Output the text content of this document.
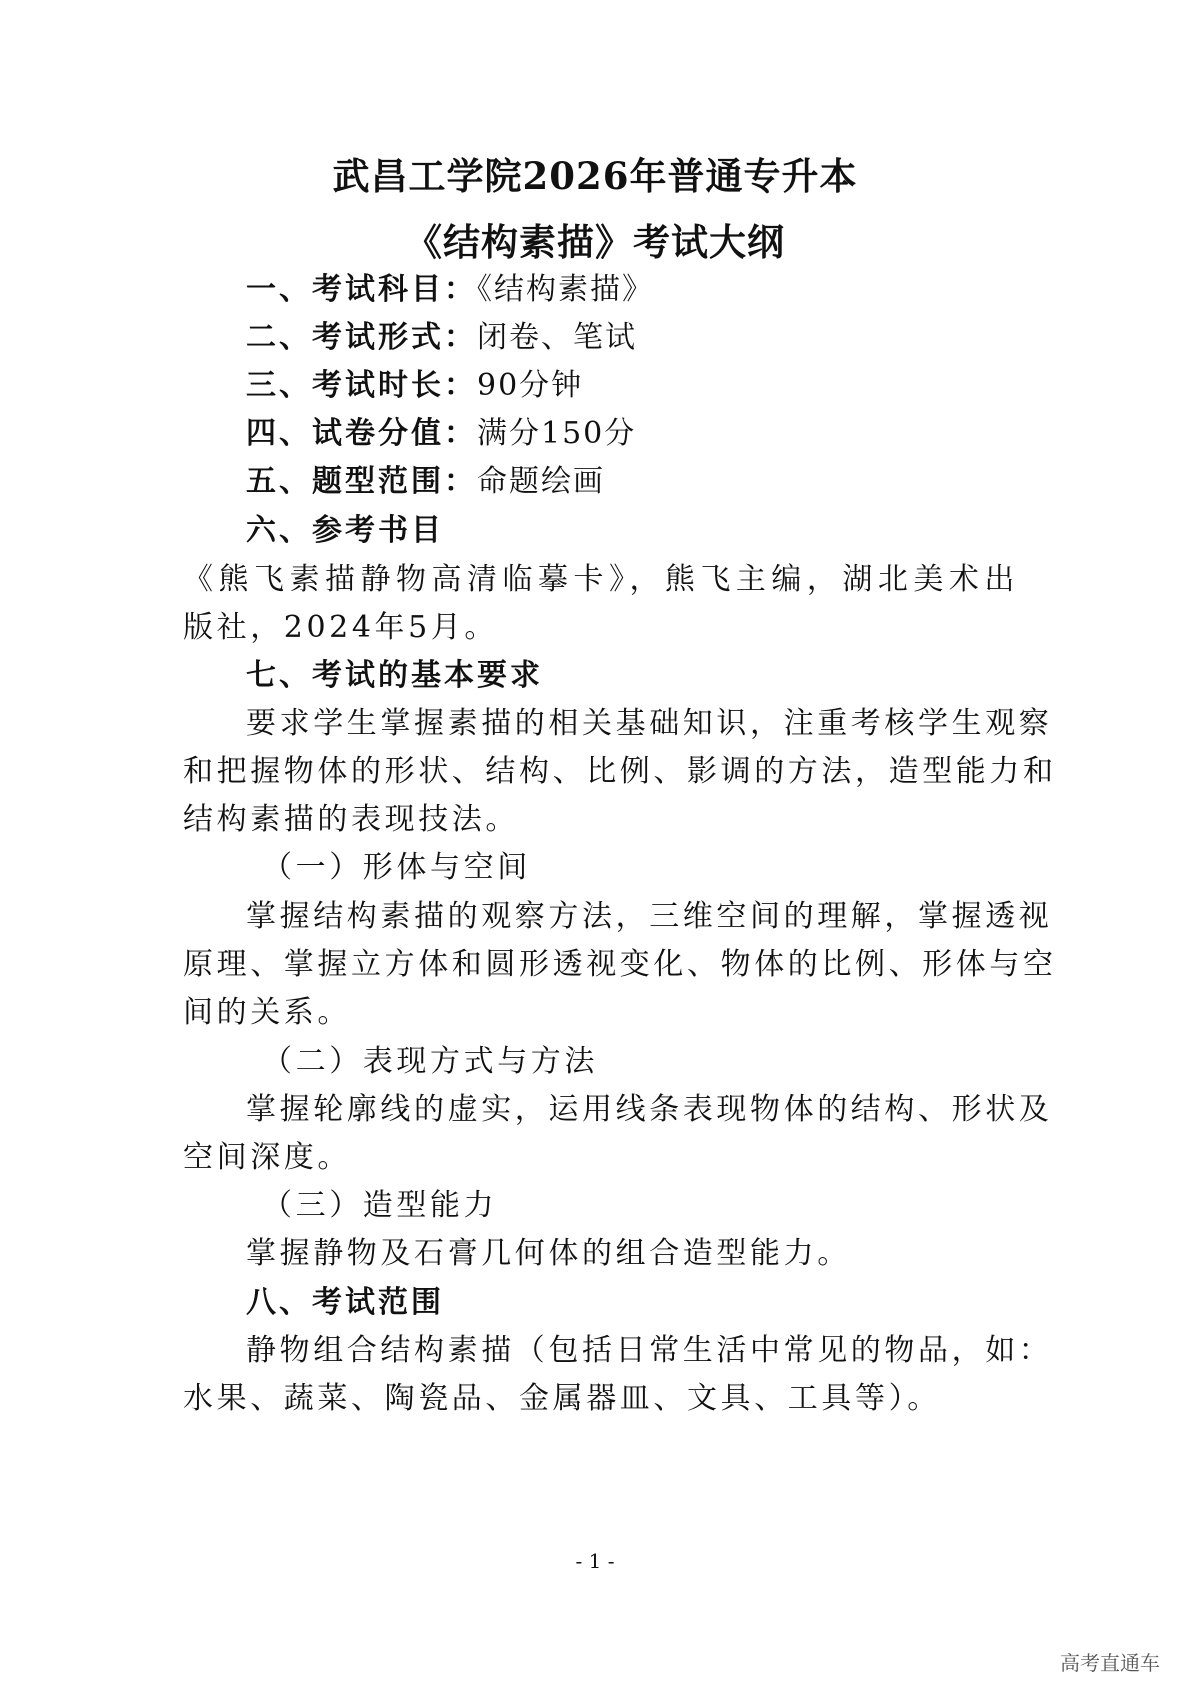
武昌工学院2026年普通专升本
《结构素描》考试大纲
一、考试科目：《结构素描》
二、考试形式：闭卷、笔试
三、考试时长：90分钟
四、试卷分值：满分150分
五、题型范围：命题绘画
六、参考书目
《熊飞素描静物高清临摹卡》，熊飞主编，湖北美术出
版社，2024年5月。
七、考试的基本要求
要求学生掌握素描的相关基础知识，注重考核学生观察
和把握物体的形状、结构、比例、影调的方法，造型能力和
结构素描的表现技法。
（一）形体与空间
掌握结构素描的观察方法，三维空间的理解，掌握透视
原理、掌握立方体和圆形透视变化、物体的比例、形体与空
间的关系。
（二）表现方式与方法
掌握轮廓线的虚实，运用线条表现物体的结构、形状及
空间深度。
（三）造型能力
掌握静物及石膏几何体的组合造型能力。
八、考试范围
静物组合结构素描（包括日常生活中常见的物品，如：
水果、蔬菜、陶瓷品、金属器皿、文具、工具等）。
- 1 -
高考直通车
